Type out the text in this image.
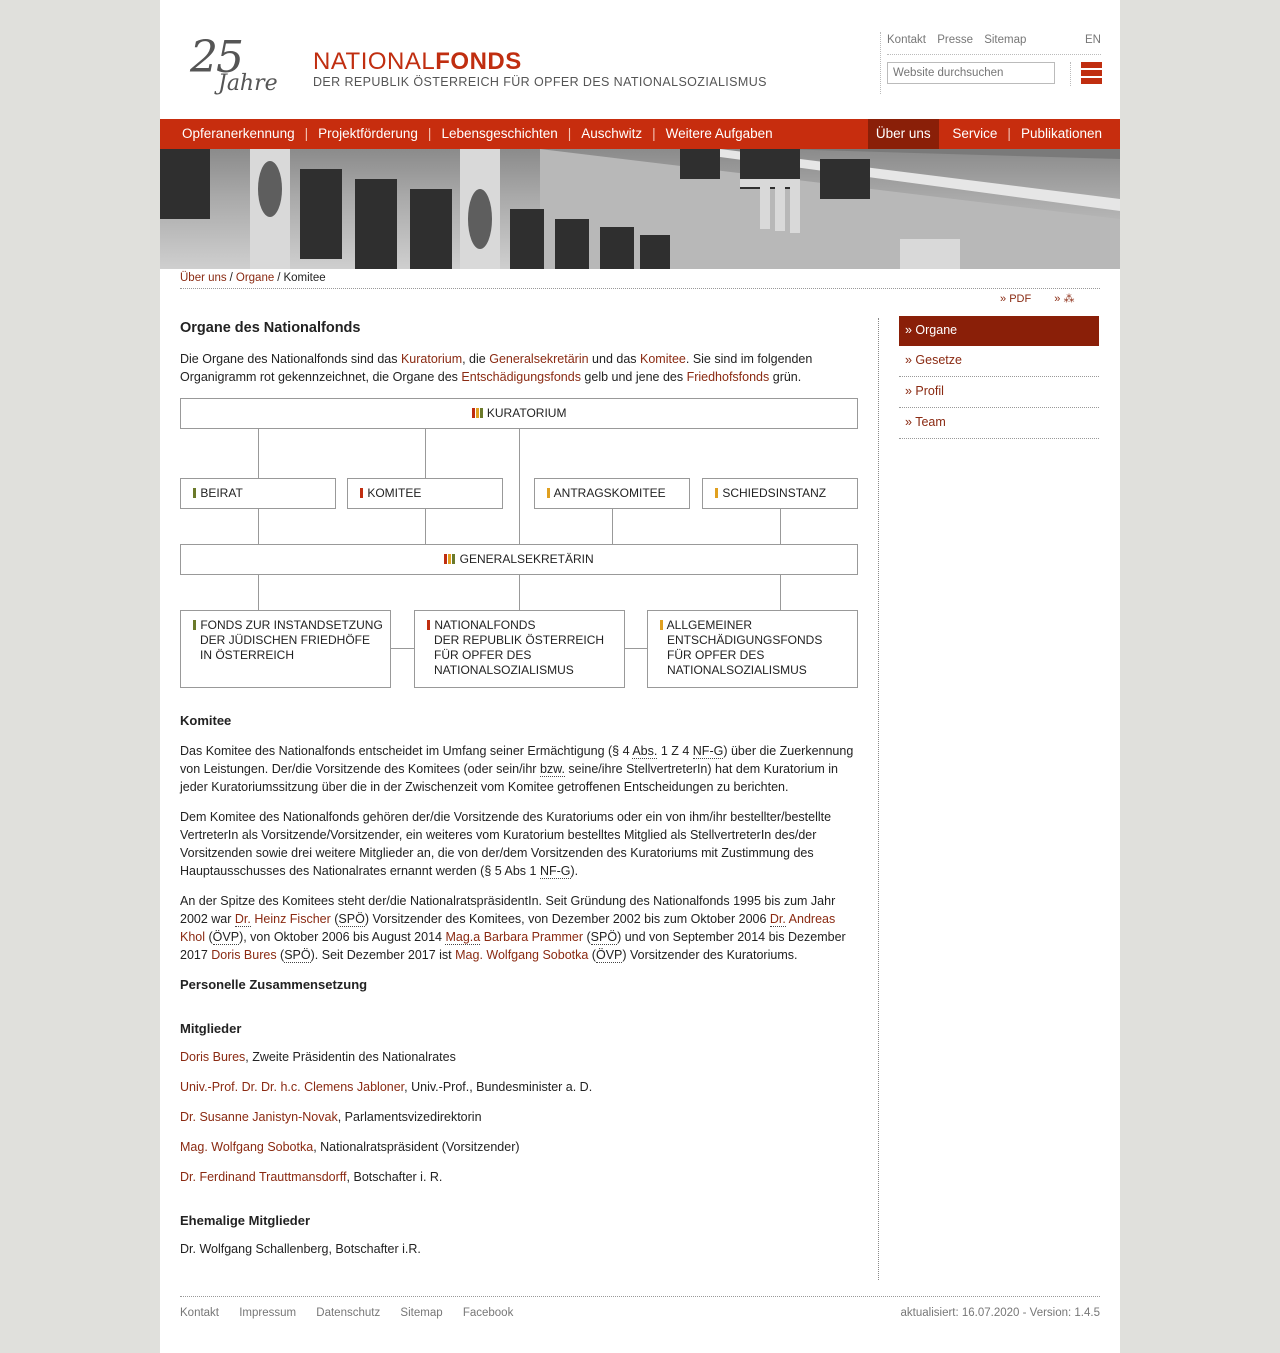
25
Jahre
NATIONALFONDS
DER REPUBLIK ÖSTERREICH FÜR OPFER DES NATIONALSOZIALISMUS
Kontakt Presse Sitemap	EN
Website durchsuchen
Opferanerkennung | Projektförderung | Lebensgeschichten | Auschwitz | Weitere Aufgaben	Über uns Service | Publikationen
Über uns / Organe / Komitee
» PDF » ⁂
Organe des Nationalfonds

Die Organe des Nationalfonds sind das Kuratorium, die Generalsekretärin und das Komitee. Sie sind im folgenden Organigramm rot gekennzeichnet, die Organe des Entschädigungsfonds gelb und jene des Friedhofsfonds grün.

KURATORIUM
BEIRAT	KOMITEE	ANTRAGSKOMITEE	SCHIEDSINSTANZ
GENERALSEKRETÄRIN
FONDS ZUR INSTANDSETZUNG
DER JÜDISCHEN FRIEDHÖFE
IN ÖSTERREICH
NATIONALFONDS
DER REPUBLIK ÖSTERREICH
FÜR OPFER DES
NATIONALSOZIALISMUS
ALLGEMEINER
ENTSCHÄDIGUNGSFONDS
FÜR OPFER DES
NATIONALSOZIALISMUS
Komitee

Das Komitee des Nationalfonds entscheidet im Umfang seiner Ermächtigung (§ 4 Abs. 1 Z 4 NF-G) über die Zuerkennung von Leistungen. Der/die Vorsitzende des Komitees (oder sein/ihr bzw. seine/ihre StellvertreterIn) hat dem Kuratorium in jeder Kuratoriumssitzung über die in der Zwischenzeit vom Komitee getroffenen Entscheidungen zu berichten.

Dem Komitee des Nationalfonds gehören der/die Vorsitzende des Kuratoriums oder ein von ihm/ihr bestellter/bestellte VertreterIn als Vorsitzende/Vorsitzender, ein weiteres vom Kuratorium bestelltes Mitglied als StellvertreterIn des/der Vorsitzenden sowie drei weitere Mitglieder an, die von der/dem Vorsitzenden des Kuratoriums mit Zustimmung des Hauptausschusses des Nationalrates ernannt werden (§ 5 Abs 1 NF-G).

An der Spitze des Komitees steht der/die NationalratspräsidentIn. Seit Gründung des Nationalfonds 1995 bis zum Jahr 2002 war Dr. Heinz Fischer (SPÖ) Vorsitzender des Komitees, von Dezember 2002 bis zum Oktober 2006 Dr. Andreas Khol (ÖVP), von Oktober 2006 bis August 2014 Mag.a Barbara Prammer (SPÖ) und von September 2014 bis Dezember 2017 Doris Bures (SPÖ). Seit Dezember 2017 ist Mag. Wolfgang Sobotka (ÖVP) Vorsitzender des Kuratoriums.

Personelle Zusammensetzung
Mitglieder

Doris Bures, Zweite Präsidentin des Nationalrates

Univ.-Prof. Dr. Dr. h.c. Clemens Jabloner, Univ.-Prof., Bundesminister a. D.

Dr. Susanne Janistyn-Novak, Parlamentsvizedirektorin

Mag. Wolfgang Sobotka, Nationalratspräsident (Vorsitzender)

Dr. Ferdinand Trauttmansdorff, Botschafter i. R.

Ehemalige Mitglieder

Dr. Wolfgang Schallenberg, Botschafter i.R.

» Organe
» Gesetze
» Profil
» Team
Kontakt Impressum Datenschutz Sitemap Facebook	aktualisiert: 16.07.2020 - Version: 1.4.5
